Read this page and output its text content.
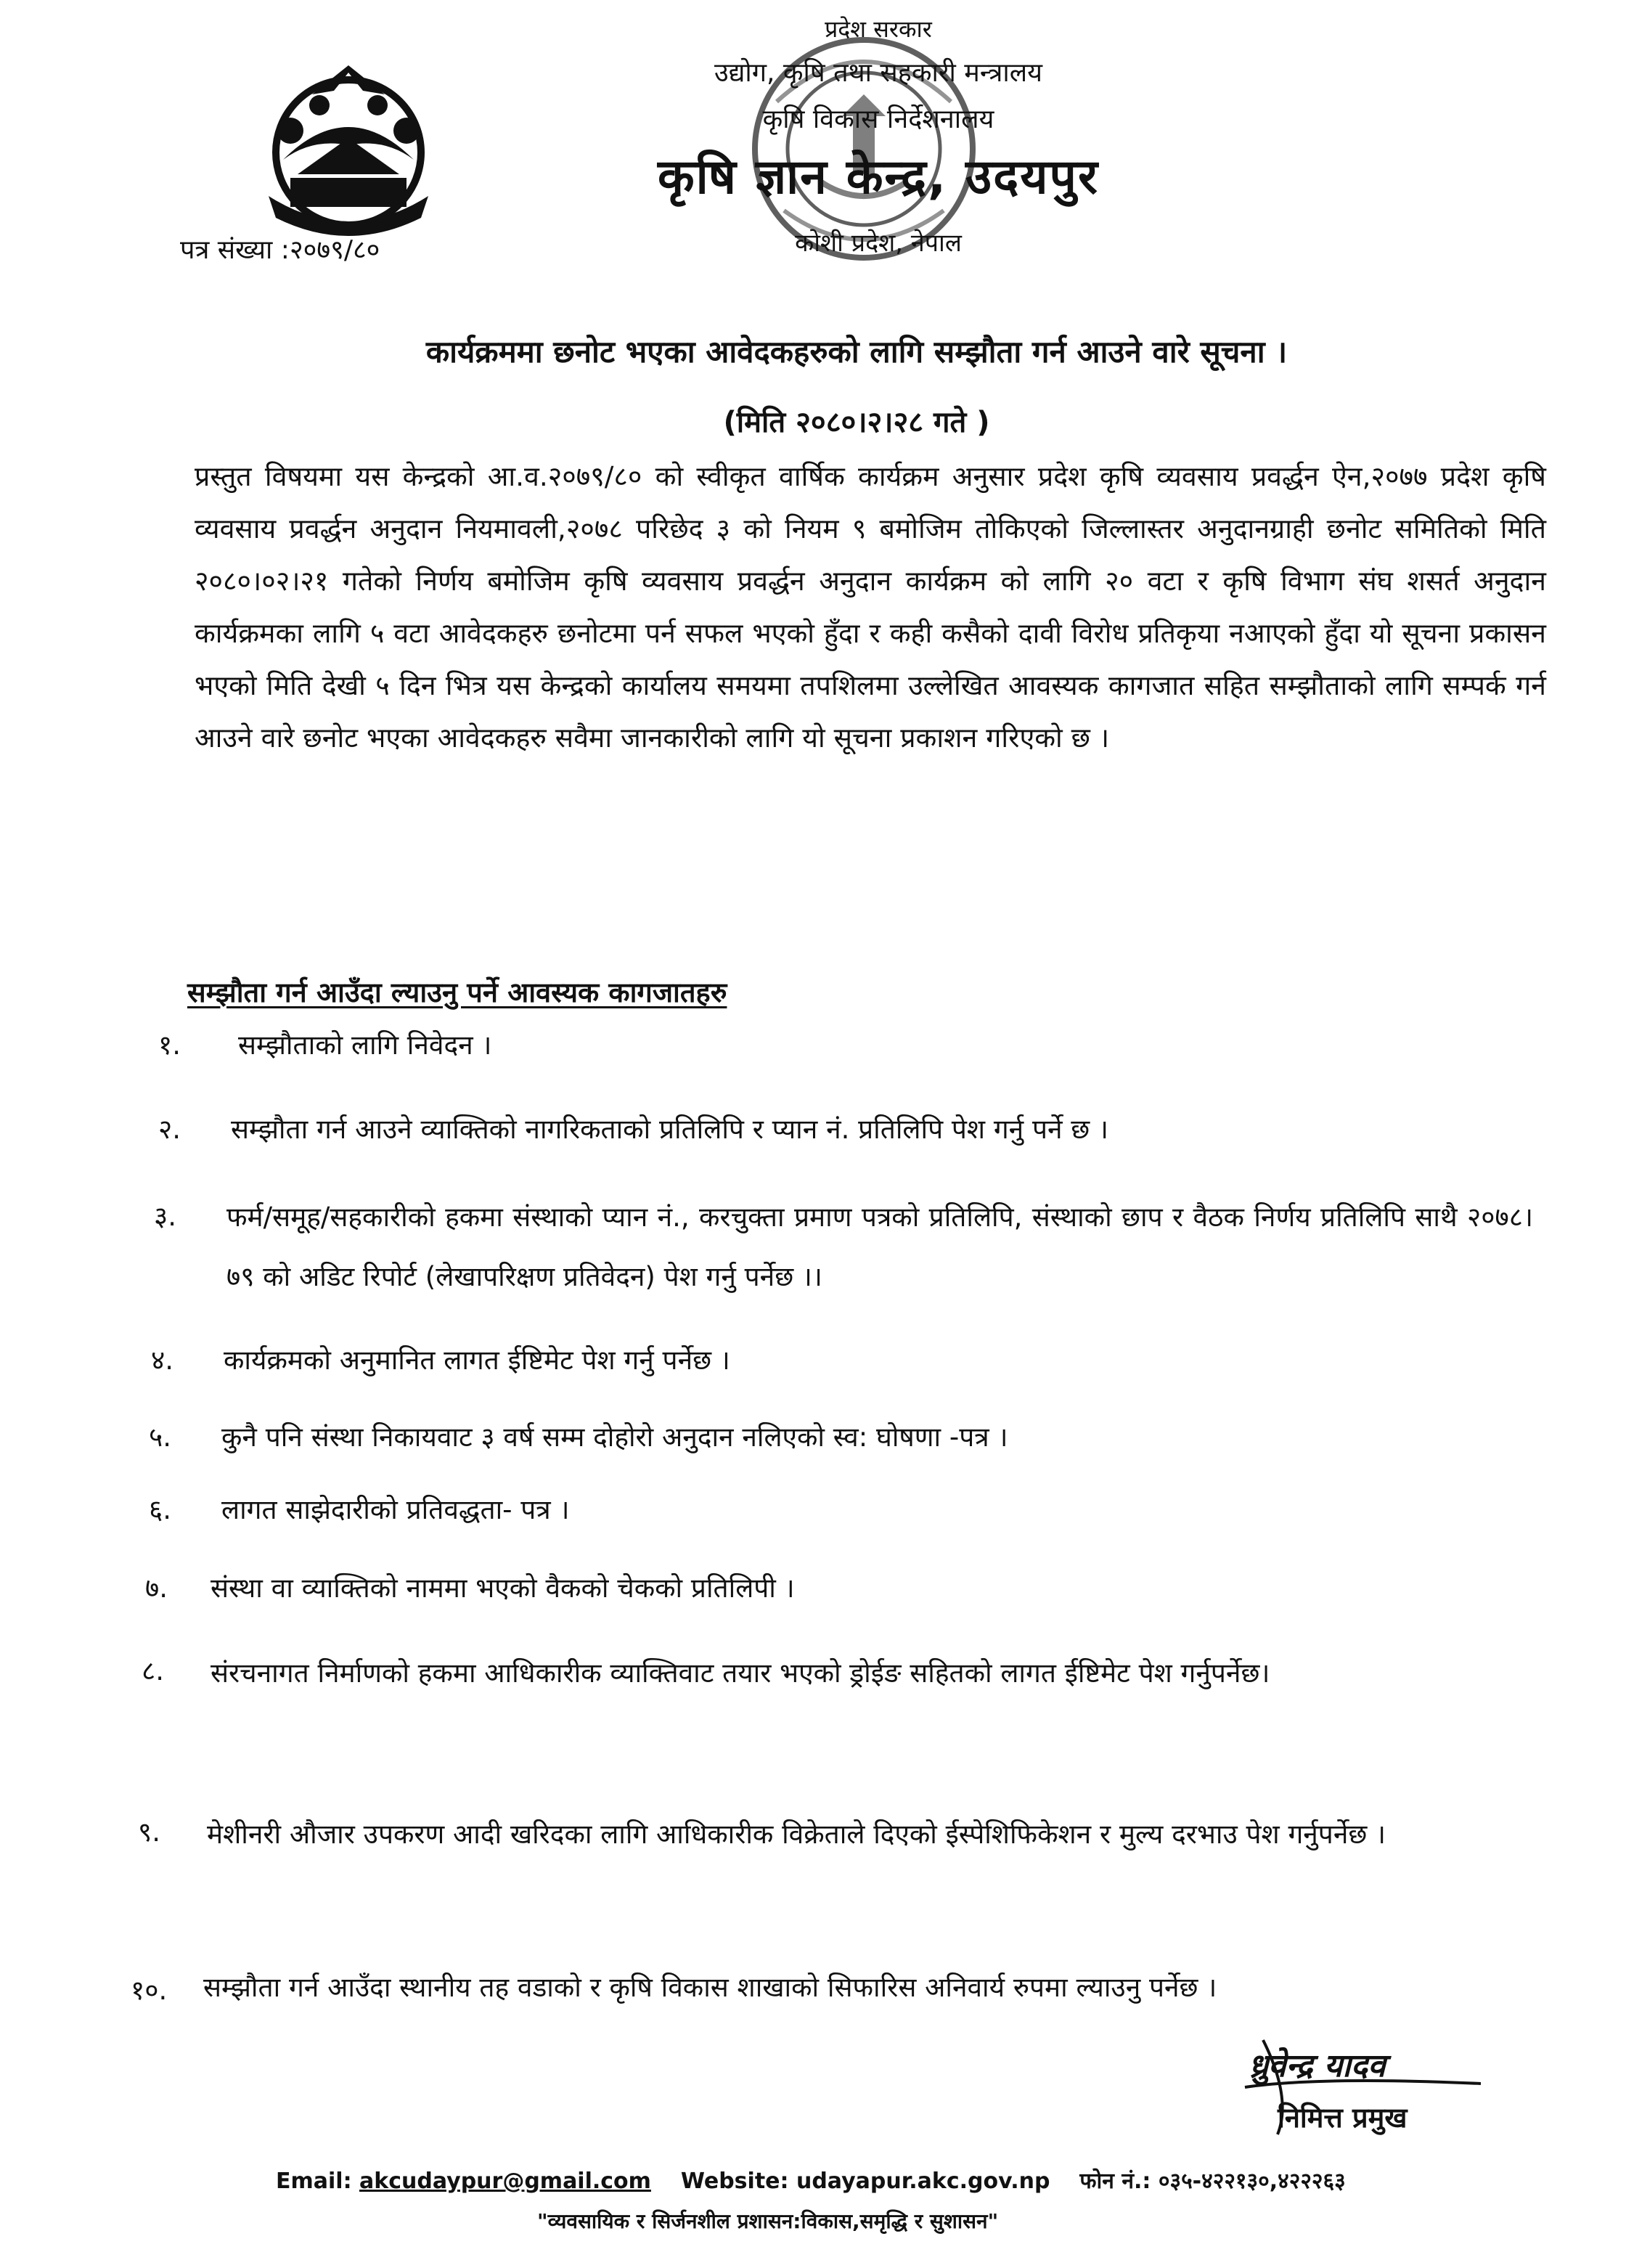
पत्र संख्या :२०७९/८०
प्रदेश सरकार
उद्योग, कृषि तथा सहकारी मन्त्रालय
कृषि विकास निर्देशनालय
कृषि ज्ञान केन्द्र, उदयपुर
कोशी प्रदेश, नेपाल
कार्यक्रममा छनोट भएका आवेदकहरुको लागि सम्झौता गर्न आउने वारे सूचना ।
(मिति २०८०।२।२८ गते )
प्रस्तुत विषयमा यस केन्द्रको आ.व.२०७९/८० को स्वीकृत वार्षिक कार्यक्रम अनुसार प्रदेश कृषि व्यवसाय प्रवर्द्धन ऐन,२०७७ प्रदेश कृषि व्यवसाय प्रवर्द्धन अनुदान नियमावली,२०७८ परिछेद ३ को नियम ९ बमोजिम तोकिएको जिल्लास्तर अनुदानग्राही छनोट समितिको मिति २०८०।०२।२१ गतेको निर्णय बमोजिम कृषि व्यवसाय प्रवर्द्धन अनुदान कार्यक्रम को लागि २० वटा र कृषि विभाग संघ शसर्त अनुदान कार्यक्रमका लागि ५ वटा आवेदकहरु छनोटमा पर्न सफल भएको हुँदा र कही कसैको दावी विरोध प्रतिकृया नआएको हुँदा यो सूचना प्रकासन भएको मिति देखी ५ दिन भित्र यस केन्द्रको कार्यालय समयमा तपशिलमा उल्लेखित आवस्यक कागजात सहित सम्झौताको लागि सम्पर्क गर्न आउने वारे छनोट भएका आवेदकहरु सवैमा जानकारीको लागि यो सूचना प्रकाशन गरिएको छ ।
सम्झौता गर्न आउँदा ल्याउनु पर्ने आवस्यक कागजातहरु
१.	सम्झौताको लागि निवेदन ।
२.	सम्झौता गर्न आउने व्याक्तिको नागरिकताको प्रतिलिपि र प्यान नं. प्रतिलिपि पेश गर्नु पर्ने छ ।
३.	फर्म/समूह/सहकारीको हकमा संस्थाको प्यान नं., करचुक्ता प्रमाण पत्रको प्रतिलिपि, संस्थाको छाप र वैठक निर्णय प्रतिलिपि साथै २०७८।७९ को अडिट रिपोर्ट (लेखापरिक्षण प्रतिवेदन) पेश गर्नु पर्नेछ ।।
४.	कार्यक्रमको अनुमानित लागत ईष्टिमेट पेश गर्नु पर्नेछ ।
५.	कुनै पनि संस्था निकायवाट ३ वर्ष सम्म दोहोरो अनुदान नलिएको स्व: घोषणा -पत्र ।
६.	लागत साझेदारीको प्रतिवद्धता- पत्र ।
७.	संस्था वा व्याक्तिको नाममा भएको वैकको चेकको प्रतिलिपी ।
८.	संरचनागत निर्माणको हकमा आधिकारीक व्याक्तिवाट तयार भएको ड्रोईङ सहितको लागत ईष्टिमेट पेश गर्नुपर्नेछ।
९.	मेशीनरी औजार उपकरण आदी खरिदका लागि आधिकारीक विक्रेताले दिएको ईस्पेशिफिकेशन र मुल्य दरभाउ पेश गर्नुपर्नेछ ।
१०.	सम्झौता गर्न आउँदा स्थानीय तह वडाको र कृषि विकास शाखाको सिफारिस अनिवार्य रुपमा ल्याउनु पर्नेछ ।
ध्रुवेन्द्र यादव
निमित्त प्रमुख
Email: akcudaypur@gmail.com Website: udayapur.akc.gov.np फोन नं.: ०३५-४२२१३०,४२२२६३
"व्यवसायिक र सिर्जनशील प्रशासन:विकास,समृद्धि र सुशासन"
